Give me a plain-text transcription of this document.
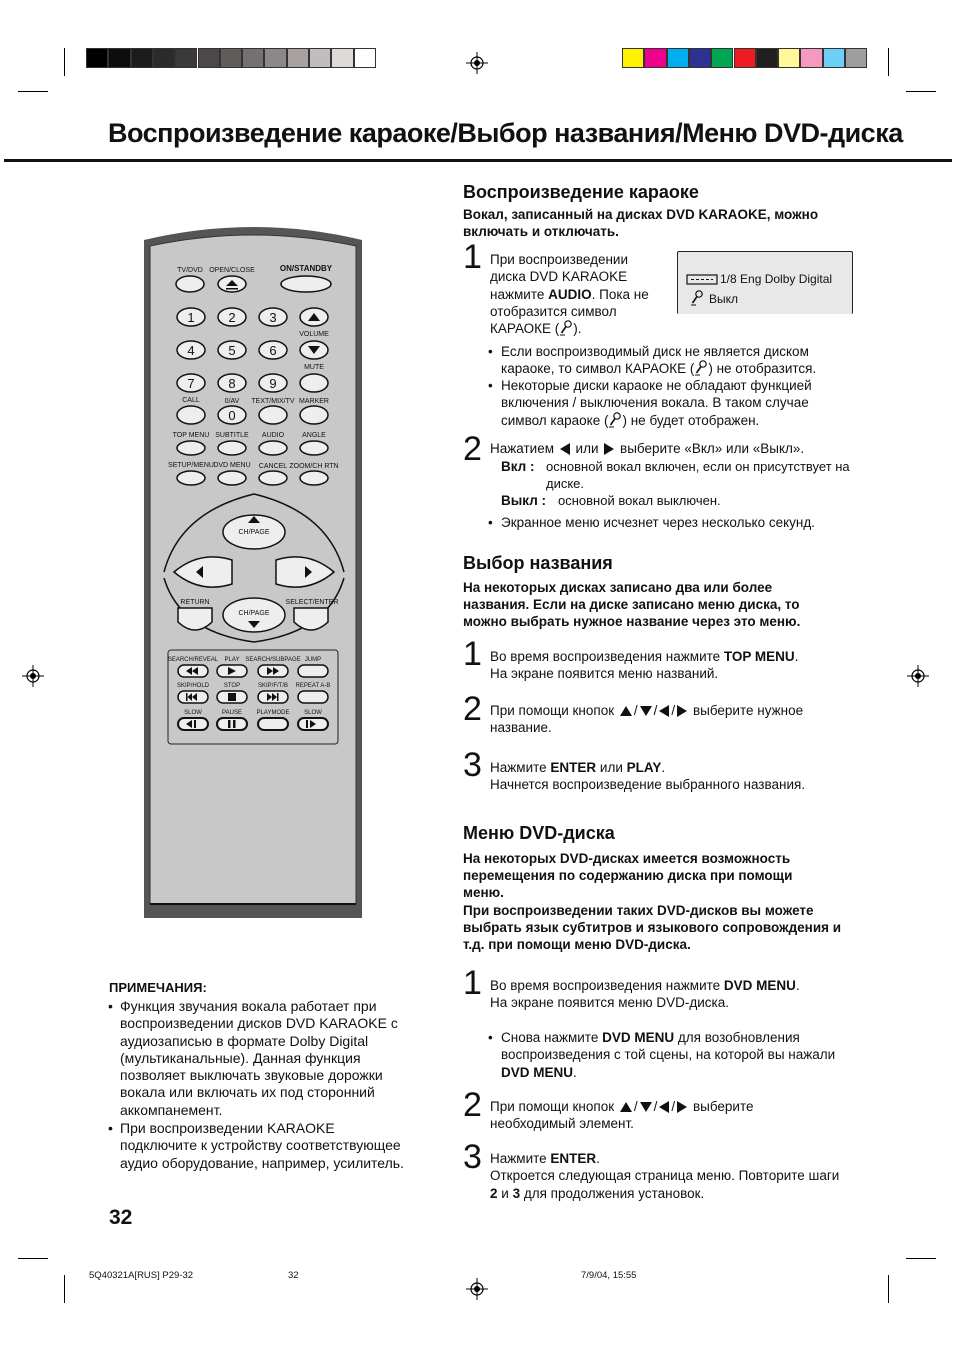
Воспроизведение караоке/Выбор названия/Меню DVD-диска
TV/DVD OPEN/CLOSE	ON/STANDBY
1	2	3
4	5	6
7	8	9
0
VOLUME
MUTE
CALL	0/AV TEXT/MIX/TV MARKER
TOP MENU SUBTITLE AUDIO	ANGLE
SETUP/MENU DVD MENU CANCEL ZOOM/CH RTN
CH/PAGE
RETURN	SELECT/ENTER
CH/PAGE
SEARCH/REVEAL PLAY SEARCH/SUBPAGE JUMP
SKIP/HOLD STOP	SKIP/F/T/B REPEAT A-B
SLOW	PAUSE PLAYMODE SLOW
Воспроизведение караоке
Вокал, записанный на дисках DVD KARAOKE, можно включать и отключать.
1 При воспроизведении диска DVD KARAOKE нажмите AUDIO. Пока не отобразится символ КАРАОКЕ ( ).
1/8 Eng Dolby Digital
Выкл
• Если воспроизводимый диск не является диском караоке, то символ КАРАОКЕ ( ) не отобразится.
• Некоторые диски караоке не обладают функцией включения / выключения вокала. В таком случае символ караоке ( ) не будет отображен.
2 Нажатием или выберите «Вкл» или «Выкл».
Вкл : основной вокал включен, если он присутствует на диске.
Выкл : основной вокал выключен.
• Экранное меню исчезнет через несколько секунд.
Выбор названия
На некоторых дисках записано два или более названия. Если на диске записано меню диска, то можно выбрать нужное название через это меню.
1 Во время воспроизведения нажмите TOP MENU.
На экране появится меню названий.
2 При помощи кнопок / / / выберите нужное название.
3 Нажмите ENTER или PLAY.
Начнется воспроизведение выбранного названия.
Меню DVD-диска
На некоторых DVD-дисках имеется возможность перемещения по содержанию диска при помощи меню.
При воспроизведении таких DVD-дисков вы можете выбрать язык субтитров и языкового сопровождения и т.д. при помощи меню DVD-диска.
1 Во время воспроизведения нажмите DVD MENU.
На экране появится меню DVD-диска.
• Снова нажмите DVD MENU для возобновления воспроизведения с той сцены, на которой вы нажали DVD MENU.
2 При помощи кнопок / / / выберите необходимый элемент.
3 Нажмите ENTER.
Откроется следующая страница меню. Повторите шаги 2 и 3 для продолжения установок.
ПРИМЕЧАНИЯ:
• Функция звучания вокала работает при воспроизведении дисков DVD KARAOKE с аудиозаписью в формате Dolby Digital (мультиканальные). Данная функция позволяет выключать звуковые дорожки вокала или включать их под сторонний аккомпанемент.
• При воспроизведении KARAOKE подключите к устройству соответствующее аудио оборудование, например, усилитель.
32
5Q40321A[RUS] P29-32	32	7/9/04, 15:55
